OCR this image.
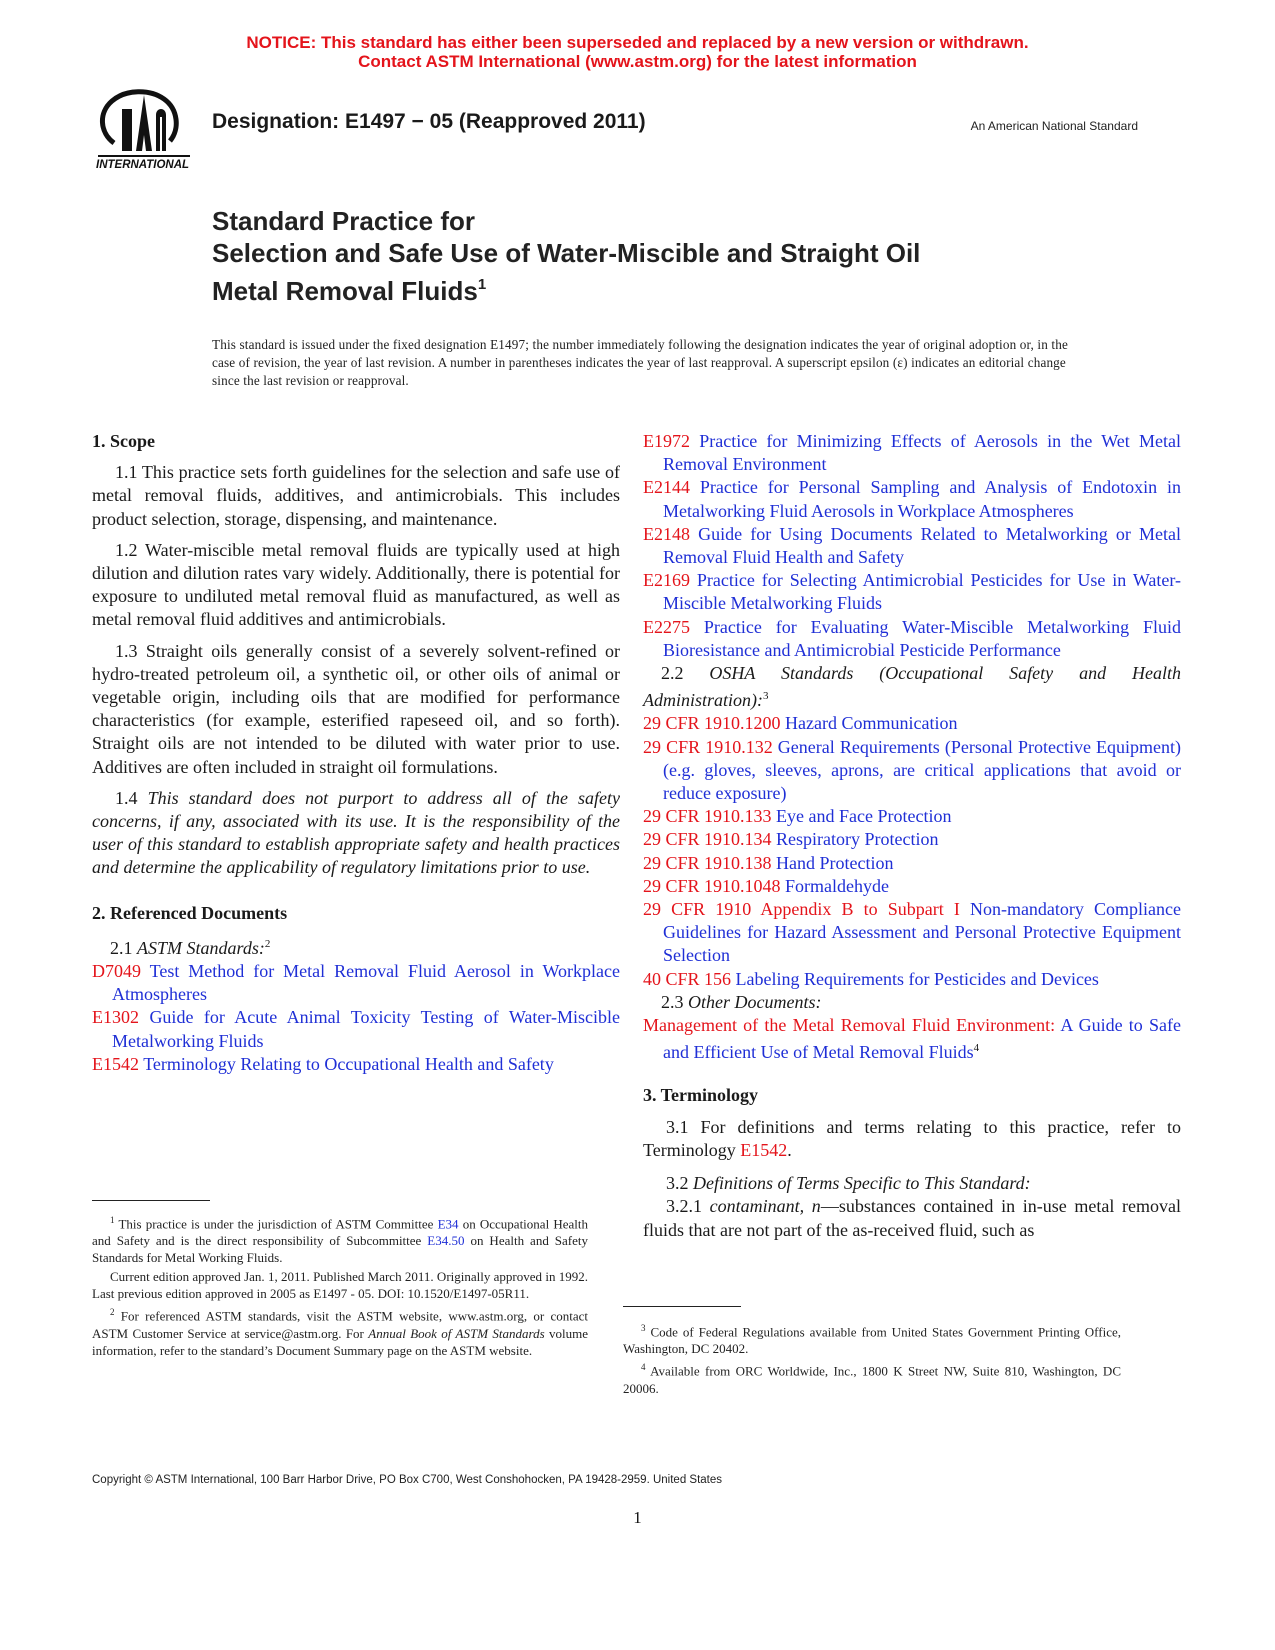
NOTICE: This standard has either been superseded and replaced by a new version or withdrawn.
Contact ASTM International (www.astm.org) for the latest information
INTERNATIONAL
Designation: E1497 − 05 (Reapproved 2011)	An American National Standard
Standard Practice for
Selection and Safe Use of Water-Miscible and Straight Oil
Metal Removal Fluids$^1$
This standard is issued under the fixed designation E1497; the number immediately following the designation indicates the year of original adoption or, in the case of revision, the year of last revision. A number in parentheses indicates the year of last reapproval. A superscript epsilon (ε) indicates an editorial change since the last revision or reapproval.
1. Scope

1.1 This practice sets forth guidelines for the selection and safe use of metal removal fluids, additives, and antimicrobials. This includes product selection, storage, dispensing, and maintenance.

1.2 Water-miscible metal removal fluids are typically used at high dilution and dilution rates vary widely. Additionally, there is potential for exposure to undiluted metal removal fluid as manufactured, as well as metal removal fluid additives and antimicrobials.

1.3 Straight oils generally consist of a severely solvent-refined or hydro-treated petroleum oil, a synthetic oil, or other oils of animal or vegetable origin, including oils that are modified for performance characteristics (for example, esterified rapeseed oil, and so forth). Straight oils are not intended to be diluted with water prior to use. Additives are often included in straight oil formulations.

1.4 This standard does not purport to address all of the safety concerns, if any, associated with its use. It is the responsibility of the user of this standard to establish appropriate safety and health practices and determine the applicability of regulatory limitations prior to use.

2. Referenced Documents

2.1 ASTM Standards:$^2$

D7049 Test Method for Metal Removal Fluid Aerosol in Workplace Atmospheres

E1302 Guide for Acute Animal Toxicity Testing of Water-Miscible Metalworking Fluids

E1542 Terminology Relating to Occupational Health and Safety

E1972 Practice for Minimizing Effects of Aerosols in the Wet Metal Removal Environment

E2144 Practice for Personal Sampling and Analysis of Endotoxin in Metalworking Fluid Aerosols in Workplace Atmospheres

E2148 Guide for Using Documents Related to Metalworking or Metal Removal Fluid Health and Safety

E2169 Practice for Selecting Antimicrobial Pesticides for Use in Water-Miscible Metalworking Fluids

E2275 Practice for Evaluating Water-Miscible Metalworking Fluid Bioresistance and Antimicrobial Pesticide Performance

2.2 OSHA Standards (Occupational Safety and Health Administration):$^3$

29 CFR 1910.1200 Hazard Communication

29 CFR 1910.132 General Requirements (Personal Protective Equipment) (e.g. gloves, sleeves, aprons, are critical applications that avoid or reduce exposure)

29 CFR 1910.133 Eye and Face Protection

29 CFR 1910.134 Respiratory Protection

29 CFR 1910.138 Hand Protection

29 CFR 1910.1048 Formaldehyde

29 CFR 1910 Appendix B to Subpart I Non-mandatory Compliance Guidelines for Hazard Assessment and Personal Protective Equipment Selection

40 CFR 156 Labeling Requirements for Pesticides and Devices

2.3 Other Documents:

Management of the Metal Removal Fluid Environment: A Guide to Safe and Efficient Use of Metal Removal Fluids$^4$

3. Terminology

3.1 For definitions and terms relating to this practice, refer to Terminology E1542.

3.2 Definitions of Terms Specific to This Standard:

3.2.1 contaminant, n—substances contained in in-use metal removal fluids that are not part of the as-received fluid, such as

$^1$ This practice is under the jurisdiction of ASTM Committee E34 on Occupational Health and Safety and is the direct responsibility of Subcommittee E34.50 on Health and Safety Standards for Metal Working Fluids.

Current edition approved Jan. 1, 2011. Published March 2011. Originally approved in 1992. Last previous edition approved in 2005 as E1497 - 05. DOI: 10.1520/E1497-05R11.

$^2$ For referenced ASTM standards, visit the ASTM website, www.astm.org, or contact ASTM Customer Service at service@astm.org. For Annual Book of ASTM Standards volume information, refer to the standard’s Document Summary page on the ASTM website.

$^3$ Code of Federal Regulations available from United States Government Printing Office, Washington, DC 20402.

$^4$ Available from ORC Worldwide, Inc., 1800 K Street NW, Suite 810, Washington, DC 20006.

Copyright © ASTM International, 100 Barr Harbor Drive, PO Box C700, West Conshohocken, PA 19428-2959. United States
1
